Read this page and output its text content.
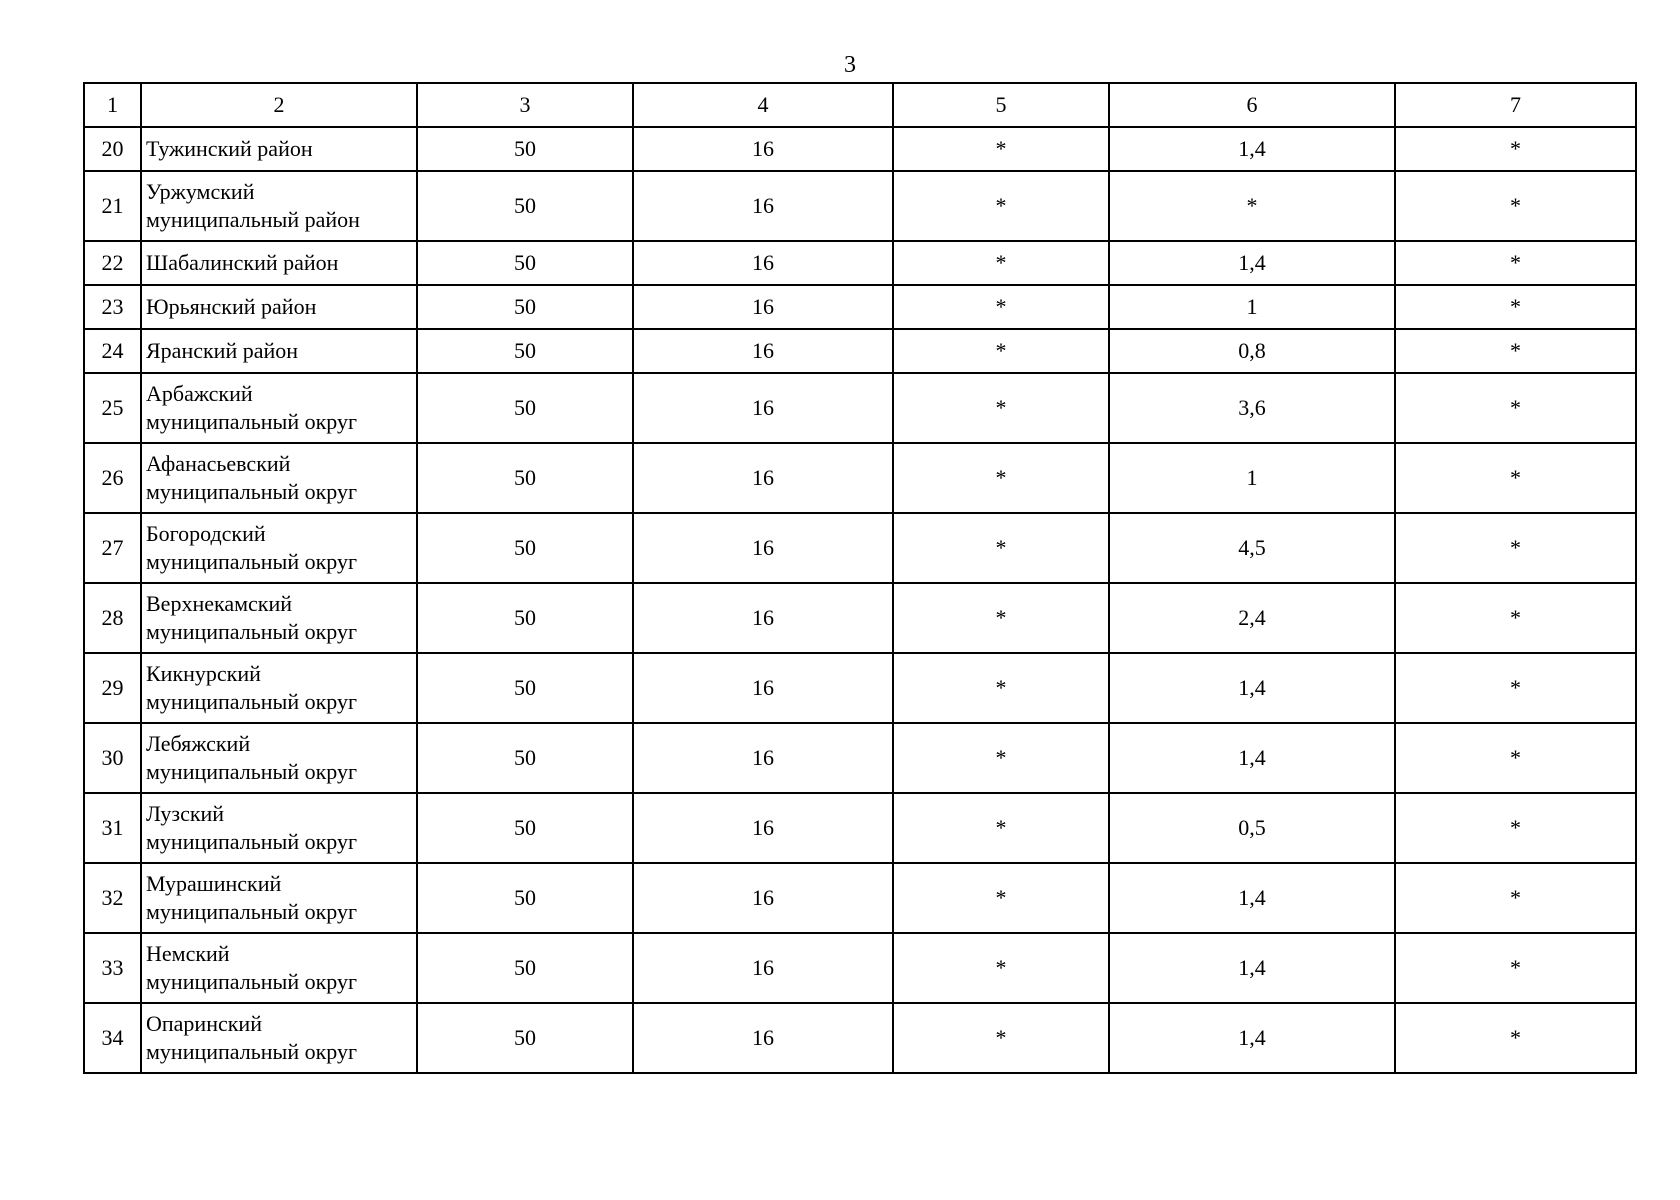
3
1	2	3	4	5	6	7
20	Тужинский район	50	16	*	1,4	*
21	Уржумский
муниципальный район	50	16	*	*	*
22	Шабалинский район	50	16	*	1,4	*
23	Юрьянский район	50	16	*	1	*
24	Яранский район	50	16	*	0,8	*
25	Арбажский
муниципальный округ	50	16	*	3,6	*
26	Афанасьевский
муниципальный округ	50	16	*	1	*
27	Богородский
муниципальный округ	50	16	*	4,5	*
28	Верхнекамский
муниципальный округ	50	16	*	2,4	*
29	Кикнурский
муниципальный округ	50	16	*	1,4	*
30	Лебяжский
муниципальный округ	50	16	*	1,4	*
31	Лузский
муниципальный округ	50	16	*	0,5	*
32	Мурашинский
муниципальный округ	50	16	*	1,4	*
33	Немский
муниципальный округ	50	16	*	1,4	*
34	Опаринский
муниципальный округ	50	16	*	1,4	*
